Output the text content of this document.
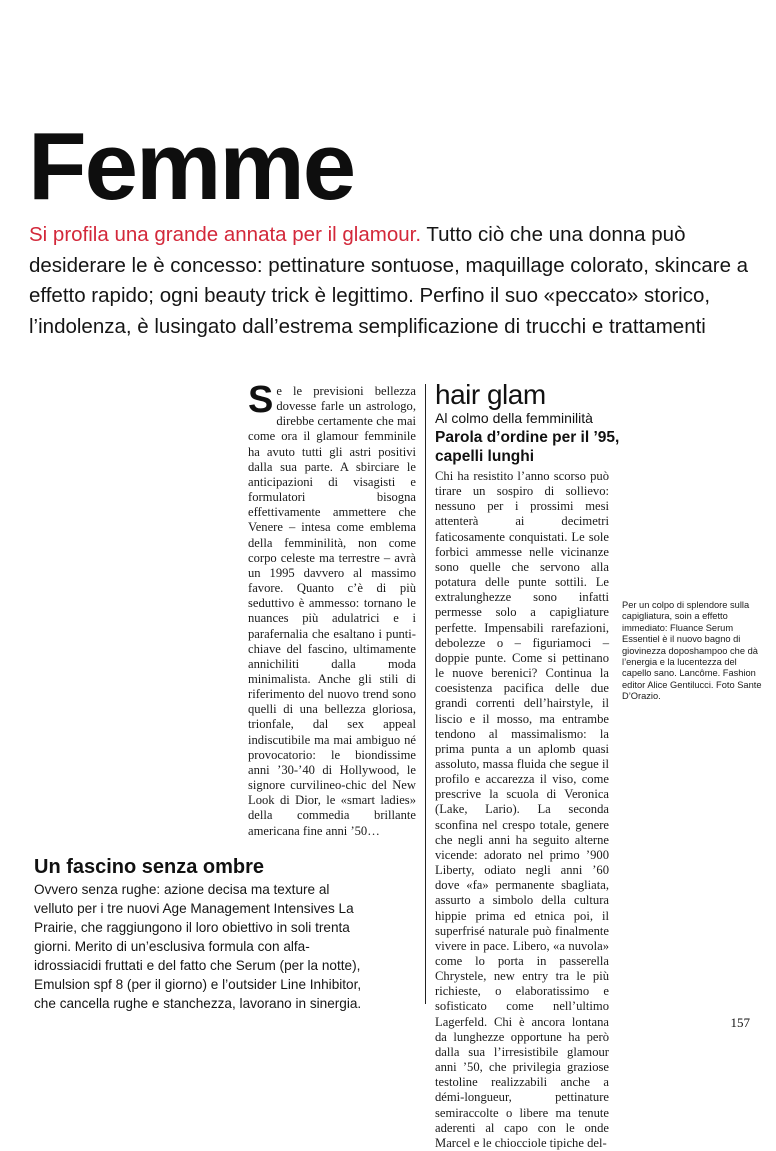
Femme

Si profila una grande annata per il glamour. Tutto ciò che una donna può desiderare le è concesso: pettinature sontuose, maquillage colorato, skincare a effetto rapido; ogni beauty trick è legittimo. Perfino il suo «peccato» storico, l’indolenza, è lusingato dall’estrema semplificazione di trucchi e trattamenti

Se le previsioni bellezza dovesse farle un astrologo, direbbe certamente che mai come ora il glamour femminile ha avuto tutti gli astri positivi dalla sua parte. A sbirciare le anticipazioni di visagisti e formulatori bisogna effettivamente ammettere che Venere – intesa come emblema della femminilità, non come corpo celeste ma terrestre – avrà un 1995 davvero al massimo favore. Quanto c’è di più seduttivo è ammesso: tornano le nuances più adulatrici e i parafernalia che esaltano i punti-chiave del fascino, ultimamente annichiliti dalla moda minimalista. Anche gli stili di riferimento del nuovo trend sono quelli di una bellezza gloriosa, trionfale, dal sex appeal indiscutibile ma mai ambiguo né provocatorio: le biondissime anni ’30-’40 di Hollywood, le signore curvilineo-chic del New Look di Dior, le «smart ladies» della commedia brillante americana fine anni ’50…
hair glam
Al colmo della femminilità
Parola d’ordine per il ’95, capelli lunghi
Chi ha resistito l’anno scorso può tirare un sospiro di sollievo: nessuno per i prossimi mesi attenterà ai decimetri faticosamente conquistati. Le sole forbici ammesse nelle vicinanze sono quelle che servono alla potatura delle punte sottili. Le extralunghezze sono infatti permesse solo a capigliature perfette. Impensabili rarefazioni, debolezze o – figuriamoci – doppie punte. Come si pettinano le nuove berenici? Continua la coesistenza pacifica delle due grandi correnti dell’hairstyle, il liscio e il mosso, ma entrambe tendono al massimalismo: la prima punta a un aplomb quasi assoluto, massa fluida che segue il profilo e accarezza il viso, come prescrive la scuola di Veronica (Lake, Lario). La seconda sconfina nel crespo totale, genere che negli anni ha seguito alterne vicende: adorato nel primo ’900 Liberty, odiato negli anni ’60 dove «fa» permanente sbagliata, assurto a simbolo della cultura hippie prima ed etnica poi, il superfrisé naturale può finalmente vivere in pace. Libero, «a nuvola» come lo porta in passerella Chrystele, new entry tra le più richieste, o elaboratissimo e sofisticato come nell’ultimo Lagerfeld. Chi è ancora lontana da lunghezze opportune ha però dalla sua l’irresistibile glamour anni ’50, che privilegia graziose testoline realizzabili anche a démi-longueur, pettinature semiraccolte o libere ma tenute aderenti al capo con le onde Marcel e le chiocciole tipiche del-

Per un colpo di splendore sulla capigliatura, soin a effetto immediato: Fluance Serum Essentiel è il nuovo bagno di giovinezza doposhampoo che dà l’energia e la lucentezza del capello sano. Lancôme. Fashion editor Alice Gentilucci. Foto Sante D’Orazio.

Un fascino senza ombre

Ovvero senza rughe: azione decisa ma texture al velluto per i tre nuovi Age Management Intensives La Prairie, che raggiungono il loro obiettivo in soli trenta giorni. Merito di un’esclusiva formula con alfa-idrossiacidi fruttati e del fatto che Serum (per la notte), Emulsion spf 8 (per il giorno) e l’outsider Line Inhibitor, che cancella rughe e stanchezza, lavorano in sinergia.

157
